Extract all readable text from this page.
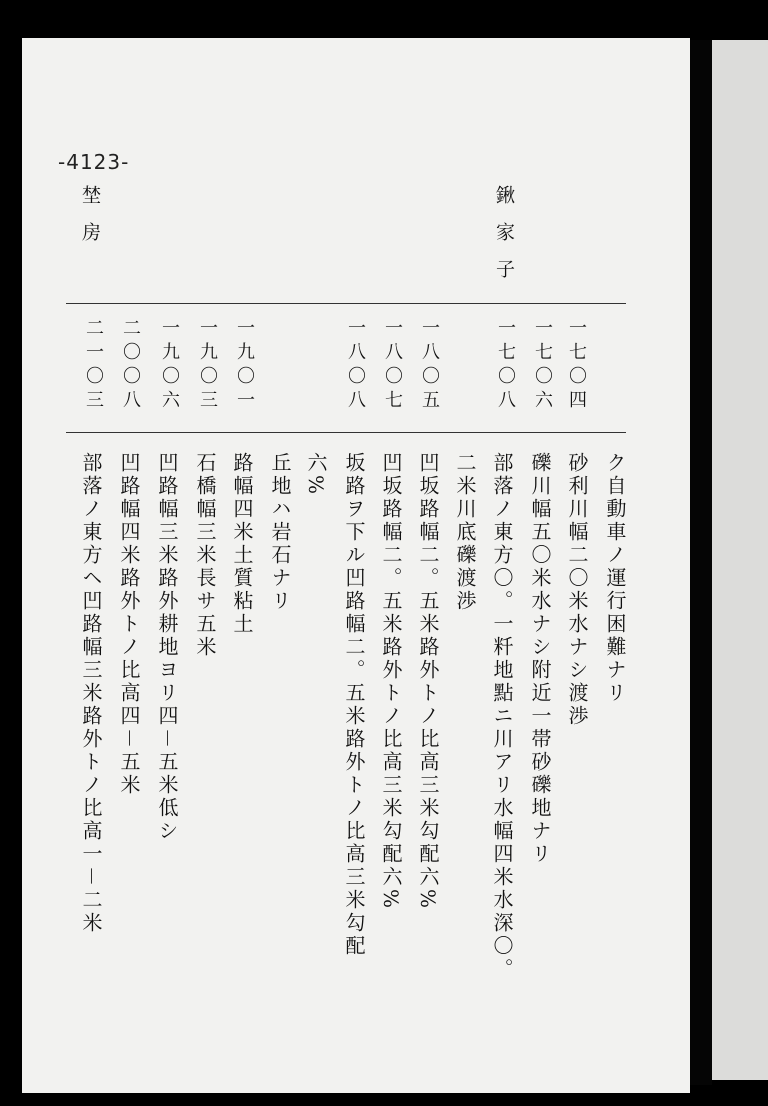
-4123-
鍬家子
埜房
一七〇四
一七〇六
一七〇八
一八〇五
一八〇七
一八〇八
一九〇一
一九〇三
一九〇六
二〇〇八
二一〇三
ク自動車ノ運行困難ナリ
砂利川幅二〇米水ナシ渡渉
礫川幅五〇米水ナシ附近一帯砂礫地ナリ
部落ノ東方〇。一粁地點ニ川アリ水幅四米水深〇。
二米川底礫渡渉
凹坂路幅二。五米路外トノ比高三米勾配六%
凹坂路幅二。五米路外トノ比高三米勾配六%
坂路ヲ下ル凹路幅二。五米路外トノ比高三米勾配
六%
丘地ハ岩石ナリ
路幅四米土質粘土
石橋幅三米長サ五米
凹路幅三米路外耕地ヨリ四－五米低シ
凹路幅四米路外トノ比高四－五米
部落ノ東方ヘ凹路幅三米路外トノ比高一－二米
